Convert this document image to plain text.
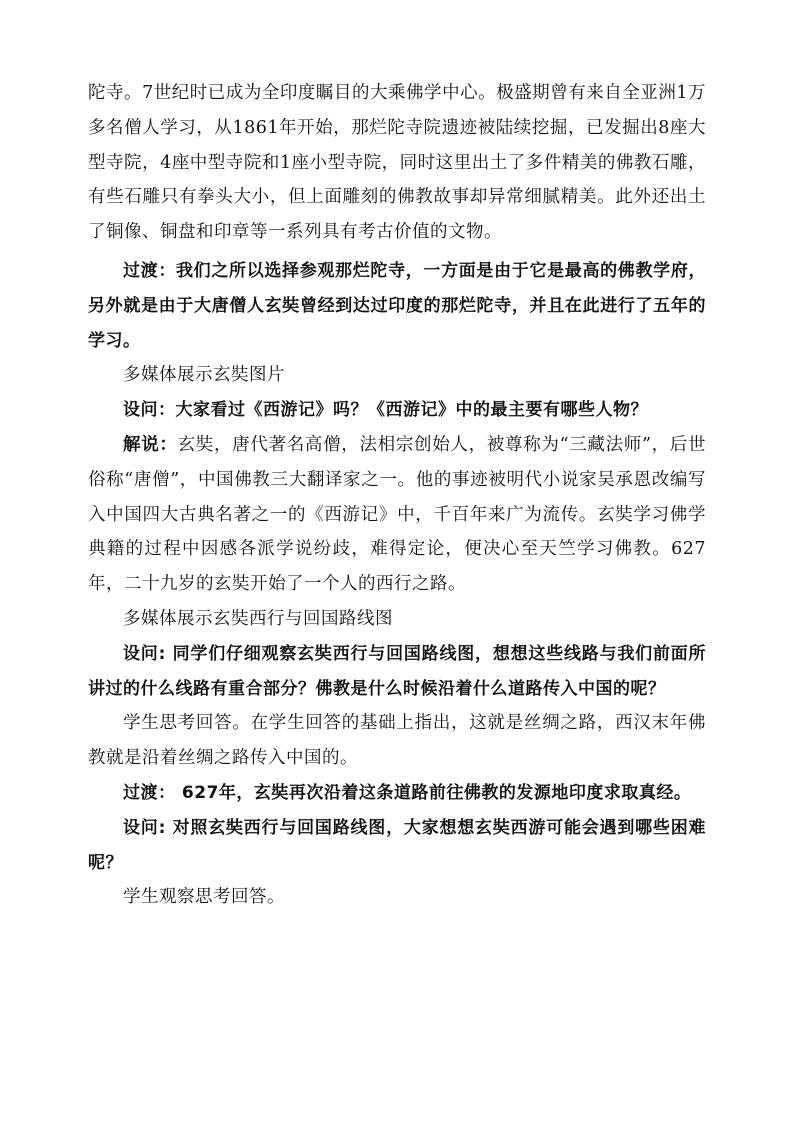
陀寺。7世纪时已成为全印度瞩目的大乘佛学中心。极盛期曾有来自全亚洲1万多名僧人学习，从1861年开始，那烂陀寺院遗迹被陆续挖掘，已发掘出8座大型寺院，4座中型寺院和1座小型寺院，同时这里出土了多件精美的佛教石雕，有些石雕只有拳头大小，但上面雕刻的佛教故事却异常细腻精美。此外还出土了铜像、铜盘和印章等一系列具有考古价值的文物。

过渡：我们之所以选择参观那烂陀寺，一方面是由于它是最高的佛教学府，另外就是由于大唐僧人玄奘曾经到达过印度的那烂陀寺，并且在此进行了五年的学习。

多媒体展示玄奘图片

设问：大家看过《西游记》吗？《西游记》中的最主要有哪些人物？

解说：玄奘，唐代著名高僧，法相宗创始人，被尊称为“三藏法师”，后世俗称“唐僧”，中国佛教三大翻译家之一。他的事迹被明代小说家吴承恩改编写入中国四大古典名著之一的《西游记》中，千百年来广为流传。玄奘学习佛学典籍的过程中因感各派学说纷歧，难得定论，便决心至天竺学习佛教。627年，二十九岁的玄奘开始了一个人的西行之路。

多媒体展示玄奘西行与回国路线图

设问: 同学们仔细观察玄奘西行与回国路线图，想想这些线路与我们前面所讲过的什么线路有重合部分？佛教是什么时候沿着什么道路传入中国的呢？

学生思考回答。在学生回答的基础上指出，这就是丝绸之路，西汉末年佛教就是沿着丝绸之路传入中国的。

过渡： 627年，玄奘再次沿着这条道路前往佛教的发源地印度求取真经。

设问: 对照玄奘西行与回国路线图，大家想想玄奘西游可能会遇到哪些困难呢？

学生观察思考回答。
